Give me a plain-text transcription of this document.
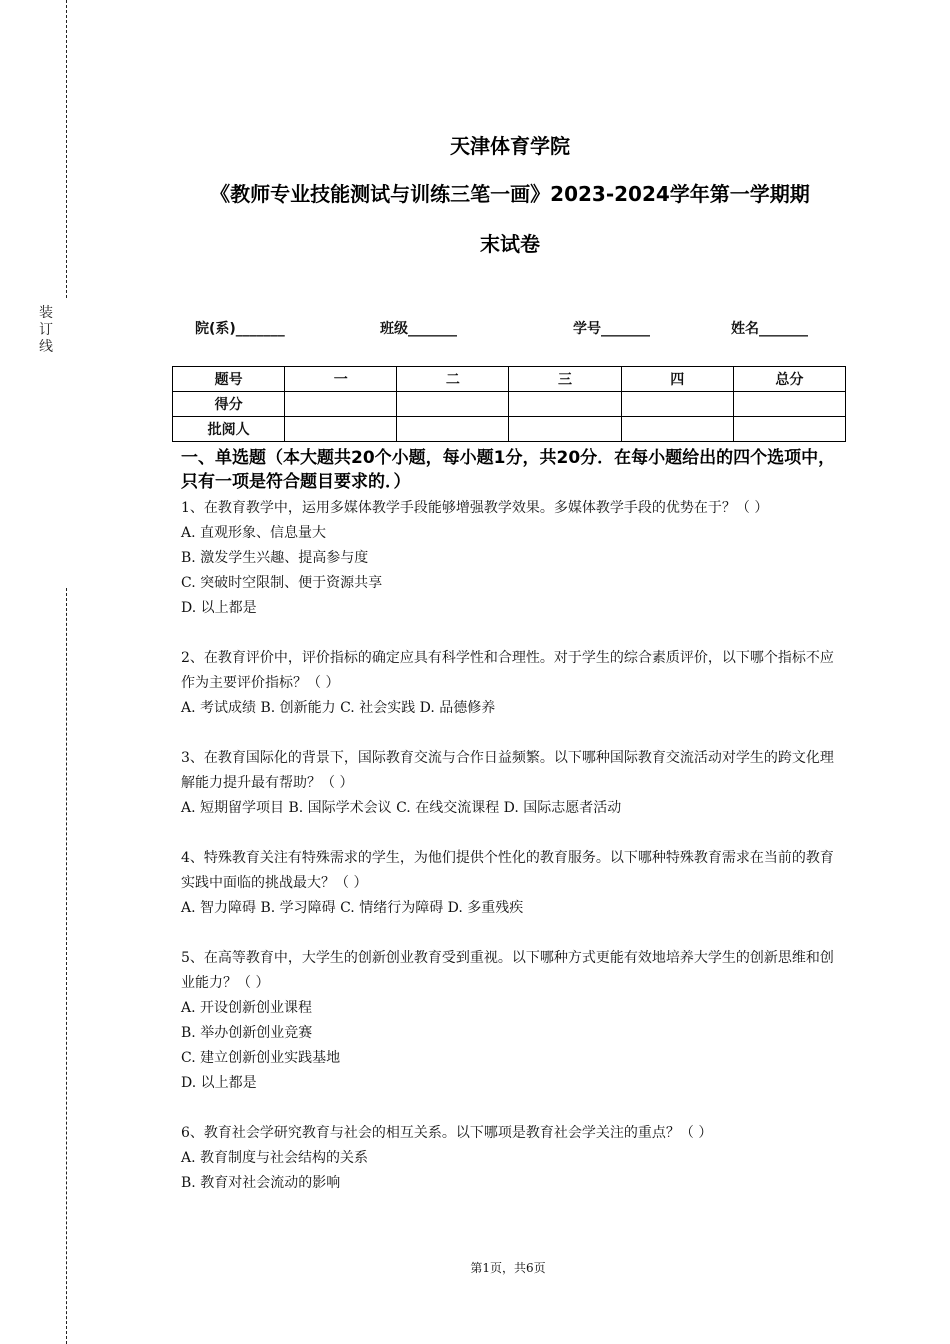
装订线
天津体育学院
《教师专业技能测试与训练三笔一画》2023-2024学年第一学期期
末试卷
院(系)_______	班级_______	学号_______	姓名_______
题号	一	二	三	四	总分
得分					
批阅人					
一、单选题（本大题共20个小题，每小题1分，共20分．在每小题给出的四个选项中，只有一项是符合题目要求的．）
1、在教育教学中，运用多媒体教学手段能够增强教学效果。多媒体教学手段的优势在于？（ ）
A. 直观形象、信息量大
B. 激发学生兴趣、提高参与度
C. 突破时空限制、便于资源共享
D. 以上都是
2、在教育评价中，评价指标的确定应具有科学性和合理性。对于学生的综合素质评价，以下哪个指标不应作为主要评价指标？（ ）
A. 考试成绩 B. 创新能力 C. 社会实践 D. 品德修养
3、在教育国际化的背景下，国际教育交流与合作日益频繁。以下哪种国际教育交流活动对学生的跨文化理解能力提升最有帮助？（ ）
A. 短期留学项目 B. 国际学术会议 C. 在线交流课程 D. 国际志愿者活动
4、特殊教育关注有特殊需求的学生，为他们提供个性化的教育服务。以下哪种特殊教育需求在当前的教育实践中面临的挑战最大？（ ）
A. 智力障碍 B. 学习障碍 C. 情绪行为障碍 D. 多重残疾
5、在高等教育中，大学生的创新创业教育受到重视。以下哪种方式更能有效地培养大学生的创新思维和创业能力？（ ）
A. 开设创新创业课程
B. 举办创新创业竞赛
C. 建立创新创业实践基地
D. 以上都是
6、教育社会学研究教育与社会的相互关系。以下哪项是教育社会学关注的重点？（ ）
A. 教育制度与社会结构的关系
B. 教育对社会流动的影响
第1页，共6页
